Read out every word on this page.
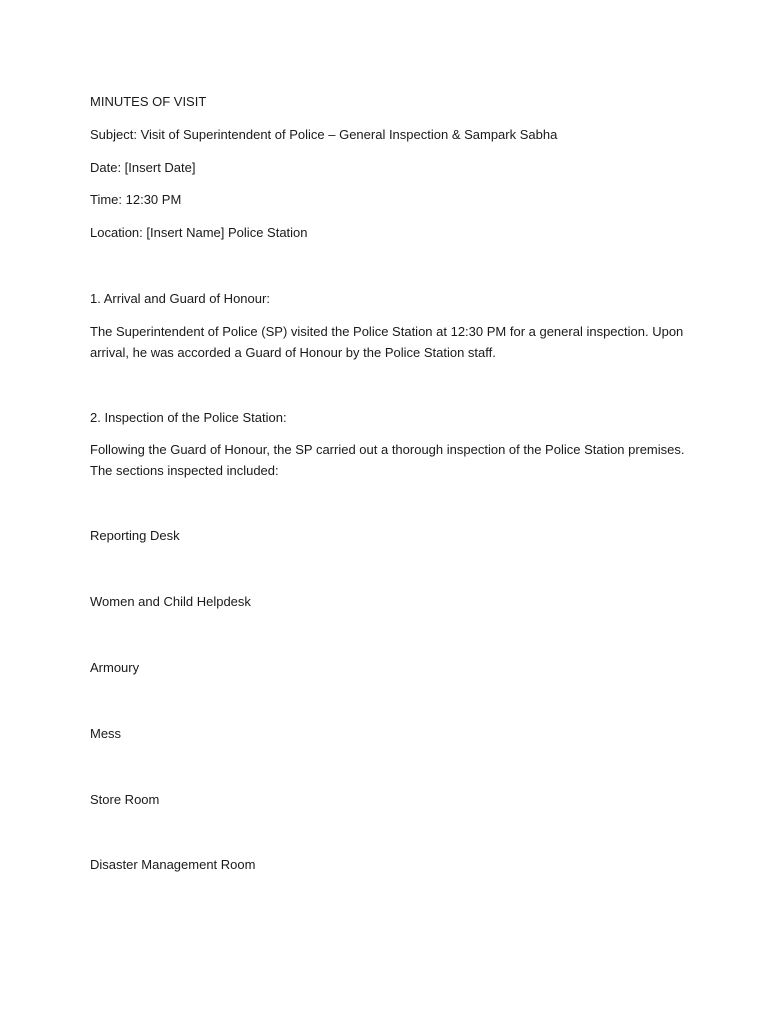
MINUTES OF VISIT

Subject: Visit of Superintendent of Police – General Inspection & Sampark Sabha

Date: [Insert Date]

Time: 12:30 PM

Location: [Insert Name] Police Station

1. Arrival and Guard of Honour:

The Superintendent of Police (SP) visited the Police Station at 12:30 PM for a general inspection. Upon

arrival, he was accorded a Guard of Honour by the Police Station staff.

2. Inspection of the Police Station:

Following the Guard of Honour, the SP carried out a thorough inspection of the Police Station premises.

The sections inspected included:

Reporting Desk

Women and Child Helpdesk

Armoury

Mess

Store Room

Disaster Management Room
